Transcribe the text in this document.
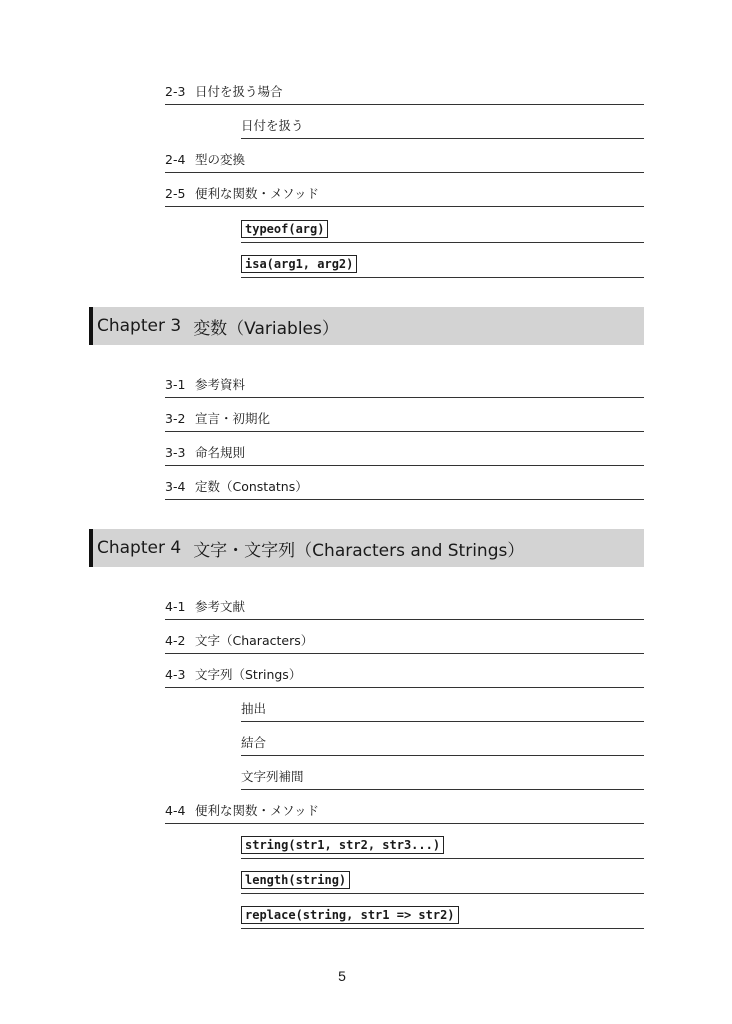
2-3 日付を扱う場合
日付を扱う
2-4 型の変換
2-5 便利な関数・メソッド
typeof(arg)
isa(arg1, arg2)
Chapter 3 変数（Variables）
3-1 参考資料
3-2 宣言・初期化
3-3 命名規則
3-4 定数（Constatns）
Chapter 4 文字・文字列（Characters and Strings）
4-1 参考文献
4-2 文字（Characters）
4-3 文字列（Strings）
抽出
結合
文字列補間
4-4 便利な関数・メソッド
string(str1, str2, str3...)
length(string)
replace(string, str1 => str2)
5
